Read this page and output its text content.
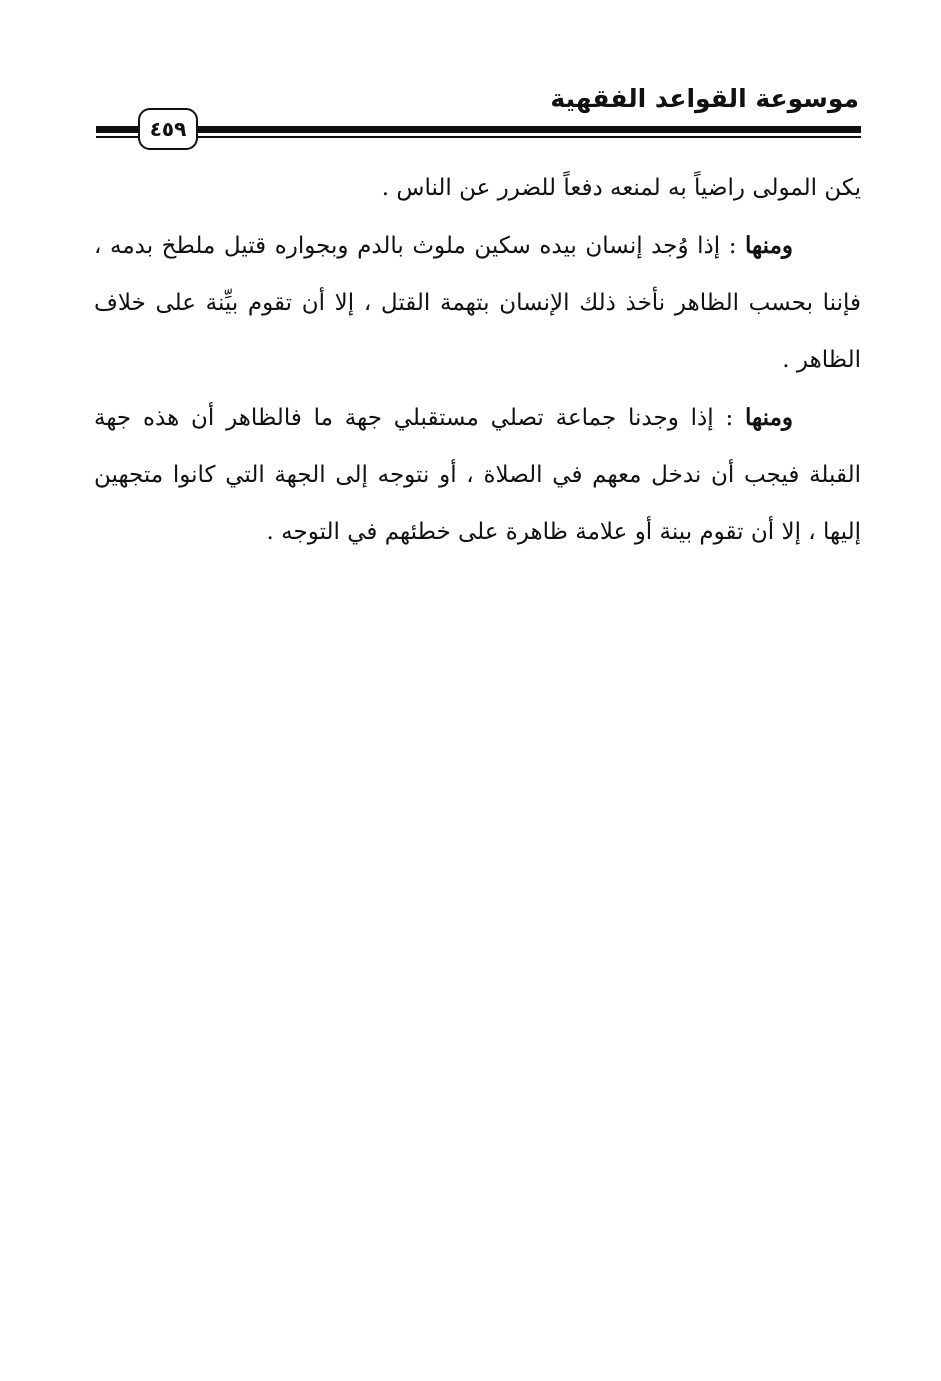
موسوعة القواعد الفقهية
٤٥٩

يكن المولى راضياً به لمنعه دفعاً للضرر عن الناس .

ومنها : إذا وُجد إنسان بيده سكين ملوث بالدم وبجواره قتيل ملطخ بدمه ، فإننا بحسب الظاهر نأخذ ذلك الإنسان بتهمة القتل ، إلا أن تقوم بيِّنة على خلاف الظاهر .

ومنها : إذا وجدنا جماعة تصلي مستقبلي جهة ما فالظاهر أن هذه جهة القبلة فيجب أن ندخل معهم في الصلاة ، أو نتوجه إلى الجهة التي كانوا متجهين إليها ، إلا أن تقوم بينة أو علامة ظاهرة على خطئهم في التوجه .
